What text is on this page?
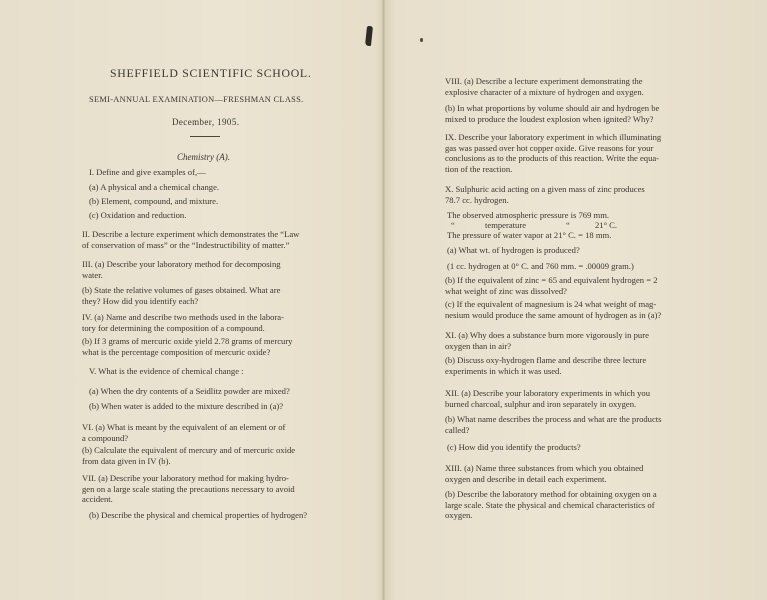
SHEFFIELD SCIENTIFIC SCHOOL.
SEMI-ANNUAL EXAMINATION—FRESHMAN CLASS.
December, 1905.
Chemistry (A).
I. Define and give examples of,—
(a) A physical and a chemical change.
(b) Element, compound, and mixture.
(c) Oxidation and reduction.
II. Describe a lecture experiment which demonstrates the “Law
of conservation of mass” or the “Indestructibility of matter.”
III. (a) Describe your laboratory method for decomposing
water.
(b) State the relative volumes of gases obtained. What are
they? How did you identify each?
IV. (a) Name and describe two methods used in the labora-
tory for determining the composition of a compound.
(b) If 3 grams of mercuric oxide yield 2.78 grams of mercury
what is the percentage composition of mercuric oxide?
V. What is the evidence of chemical change :
(a) When the dry contents of a Seidlitz powder are mixed?
(b) When water is added to the mixture described in (a)?
VI. (a) What is meant by the equivalent of an element or of
a compound?
(b) Calculate the equivalent of mercury and of mercuric oxide
from data given in IV (b).
VII. (a) Describe your laboratory method for making hydro-
gen on a large scale stating the precautions necessary to avoid
accident.
(b) Describe the physical and chemical properties of hydrogen?
VIII. (a) Describe a lecture experiment demonstrating the
explosive character of a mixture of hydrogen and oxygen.
(b) In what proportions by volume should air and hydrogen be
mixed to produce the loudest explosion when ignited? Why?
IX. Describe your laboratory experiment in which illuminating
gas was passed over hot copper oxide. Give reasons for your
conclusions as to the products of this reaction. Write the equa-
tion of the reaction.
X. Sulphuric acid acting on a given mass of zinc produces
78.7 cc. hydrogen.
The observed atmospheric pressure is 769 mm.
“	temperature	“	21° C.
The pressure of water vapor at 21° C. = 18 mm.
(a) What wt. of hydrogen is produced?
(1 cc. hydrogen at 0° C. and 760 mm. = .00009 gram.)
(b) If the equivalent of zinc = 65 and equivalent hydrogen = 2
what weight of zinc was dissolved?
(c) If the equivalent of magnesium is 24 what weight of mag-
nesium would produce the same amount of hydrogen as in (a)?
XI. (a) Why does a substance burn more vigorously in pure
oxygen than in air?
(b) Discuss oxy-hydrogen flame and describe three lecture
experiments in which it was used.
XII. (a) Describe your laboratory experiments in which you
burned charcoal, sulphur and iron separately in oxygen.
(b) What name describes the process and what are the products
called?
(c) How did you identify the products?
XIII. (a) Name three substances from which you obtained
oxygen and describe in detail each experiment.
(b) Describe the laboratory method for obtaining oxygen on a
large scale. State the physical and chemical characteristics of
oxygen.
